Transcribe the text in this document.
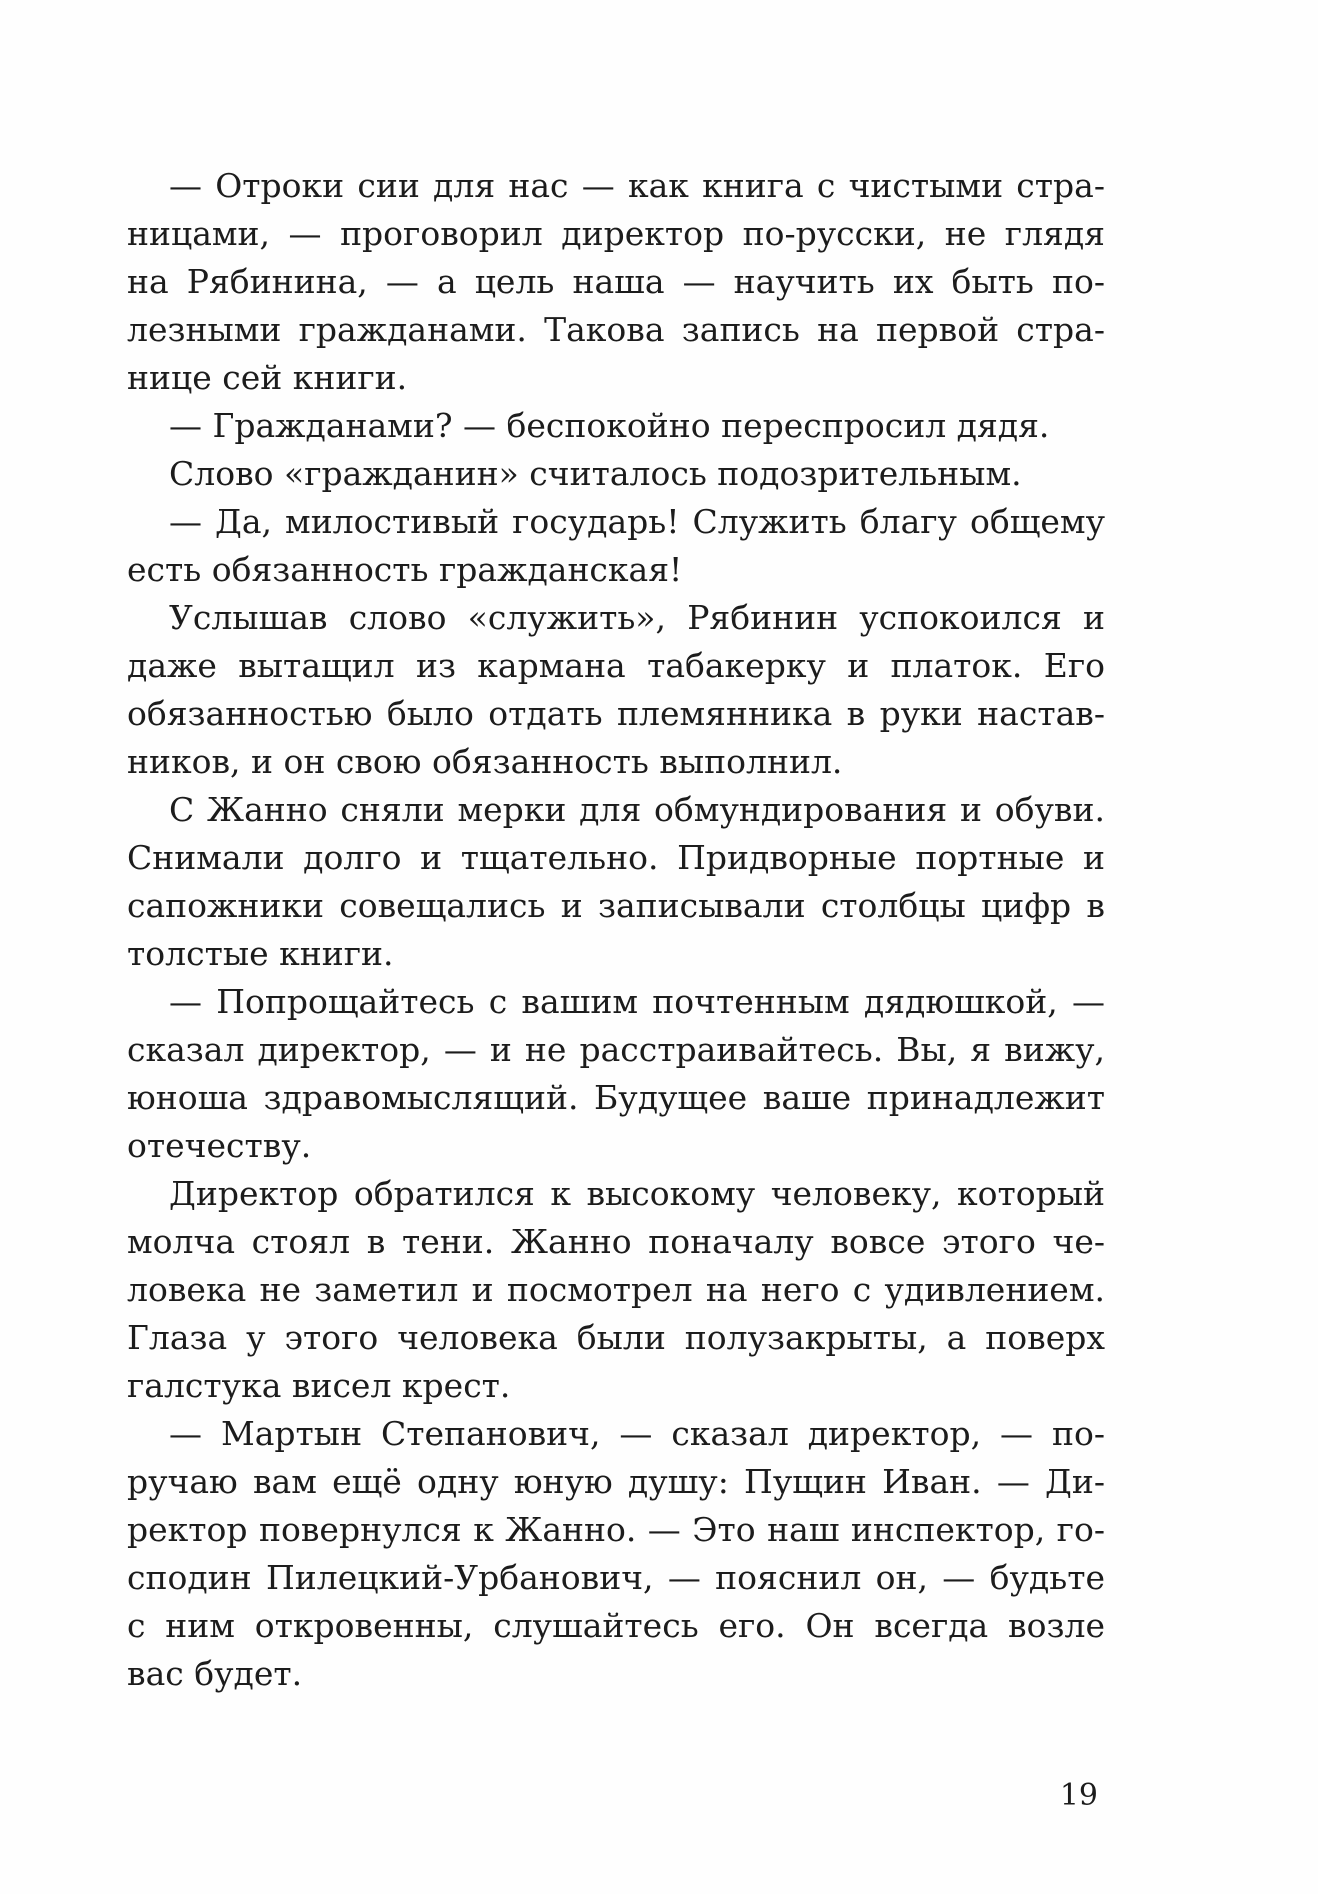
— Отроки сии для нас — как книга с чистыми страницами, — проговорил директор по-русски, не глядя на Рябинина, — а цель наша — научить их быть полезными гражданами. Такова запись на первой странице сей книги.

— Гражданами? — беспокойно переспросил дядя.

Слово «гражданин» считалось подозрительным.

— Да, милостивый государь! Служить благу общему есть обязанность гражданская!

Услышав слово «служить», Рябинин успокоился и даже вытащил из кармана табакерку и платок. Его обязанностью было отдать племянника в руки наставников, и он свою обязанность выполнил.

С Жанно сняли мерки для обмундирования и обуви. Снимали долго и тщательно. Придворные портные и сапожники совещались и записывали столбцы цифр в толстые книги.

— Попрощайтесь с вашим почтенным дядюшкой, — сказал директор, — и не расстраивайтесь. Вы, я вижу, юноша здравомыслящий. Будущее ваше принадлежит отечеству.

Директор обратился к высокому человеку, который молча стоял в тени. Жанно поначалу вовсе этого человека не заметил и посмотрел на него с удивлением. Глаза у этого человека были полузакрыты, а поверх галстука висел крест.

— Мартын Степанович, — сказал директор, — поручаю вам ещё одну юную душу: Пущин Иван. — Директор повернулся к Жанно. — Это наш инспектор, господин Пилецкий-Урбанович, — пояснил он, — будьте с ним откровенны, слушайтесь его. Он всегда возле вас будет.

19
